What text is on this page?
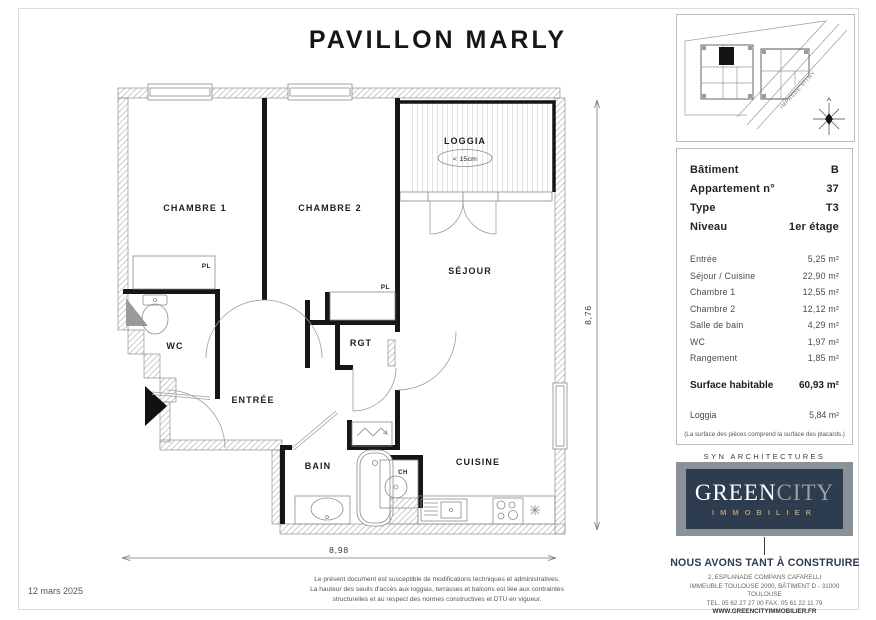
PAVILLON MARLY
CHAMBRE 1	CHAMBRE 2
SÉJOUR
LOGGIA
< 15cm
WC
ENTRÉE
RGT
BAIN	CUISINE
CH
PL
PL
8,98
8,76
IMPASSE VITRY
Bâtiment	B
Appartement n°	37
Type	T3
Niveau	1er étage
Entrée	5,25 m²
Séjour / Cuisine	22,90 m²
Chambre 1	12,55 m²
Chambre 2	12,12 m²
Salle de bain	4,29 m²
WC	1,97 m²
Rangement	1,85 m²
Surface habitable	60,93 m²
Loggia	5,84 m²
(La surface des pièces comprend la surface des placards.)
SYN ARCHITECTURES
GREENCITY
IMMOBILIER
NOUS AVONS TANT À CONSTRUIRE
2, ESPLANADE COMPANS CAFARELLI
IMMEUBLE TOULOUSE 2000, BÂTIMENT D - 31000 TOULOUSE
TEL. 05 62 27 27 00 FAX. 05 61 22 11 79
WWW.GREENCITYIMMOBILIER.FR
12 mars 2025
Le présent document est susceptible de modifications techniques et administratives.
La hauteur des seuils d'accès aux loggias, terrasses et balcons est liée aux contraintes
structurelles et au respect des normes constructives et DTU en vigueur.
